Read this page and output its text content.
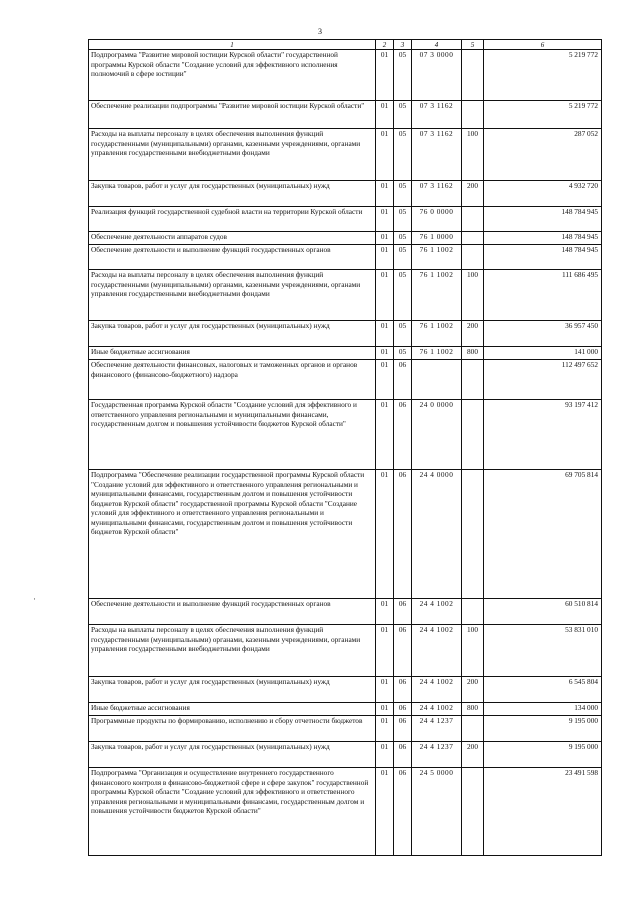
3
1	2	3	4	5	6
Подпрограмма "Развитие мировой юстиции Курской области" государственной программы Курской области "Создание условий для эффективного исполнения полномочий в сфере юстиции"	01	05	07 3 0000		5 219 772
Обеспечение реализации подпрограммы "Развитие мировой юстиции Курской области"	01	05	07 3 1162		5 219 772
Расходы на выплаты персоналу в целях обеспечения выполнения функций государственными (муниципальными) органами, казенными учреждениями, органами управления государственными внебюджетными фондами	01	05	07 3 1162	100	287 052
Закупка товаров, работ и услуг для государственных (муниципальных) нужд	01	05	07 3 1162	200	4 932 720
Реализация функций государственной судебной власти на территории Курской области	01	05	76 0 0000		148 784 945
Обеспечение деятельности аппаратов судов	01	05	76 1 0000		148 784 945
Обеспечение деятельности и выполнение функций государственных органов	01	05	76 1 1002		148 784 945
Расходы на выплаты персоналу в целях обеспечения выполнения функций государственными (муниципальными) органами, казенными учреждениями, органами управления государственными внебюджетными фондами	01	05	76 1 1002	100	111 686 495
Закупка товаров, работ и услуг для государственных (муниципальных) нужд	01	05	76 1 1002	200	36 957 450
Иные бюджетные ассигнования	01	05	76 1 1002	800	141 000
Обеспечение деятельности финансовых, налоговых и таможенных органов и органов финансового (финансово-бюджетного) надзора	01	06			112 497 652
Государственная программа Курской области "Создание условий для эффективного и ответственного управления региональными и муниципальными финансами, государственным долгом и повышения устойчивости бюджетов Курской области"	01	06	24 0 0000		93 197 412
Подпрограмма "Обеспечение реализации государственной программы Курской области "Создание условий для эффективного и ответственного управления региональными и муниципальными финансами, государственным долгом и повышения устойчивости бюджетов Курской области" государственной программы Курской области "Создание условий для эффективного и ответственного управления региональными и муниципальными финансами, государственным долгом и повышения устойчивости бюджетов Курской области"	01	06	24 4 0000		69 705 814
Обеспечение деятельности и выполнение функций государственных органов	01	06	24 4 1002		60 510 814
Расходы на выплаты персоналу в целях обеспечения выполнения функций государственными (муниципальными) органами, казенными учреждениями, органами управления государственными внебюджетными фондами	01	06	24 4 1002	100	53 831 010
Закупка товаров, работ и услуг для государственных (муниципальных) нужд	01	06	24 4 1002	200	6 545 804
Иные бюджетные ассигнования	01	06	24 4 1002	800	134 000
Программные продукты по формированию, исполнению и сбору отчетности бюджетов	01	06	24 4 1237		9 195 000
Закупка товаров, работ и услуг для государственных (муниципальных) нужд	01	06	24 4 1237	200	9 195 000
Подпрограмма "Организация и осуществление внутреннего государственного финансового контроля в финансово-бюджетной сфере и сфере закупок" государственной программы Курской области "Создание условий для эффективного и ответственного управления региональными и муниципальными финансами, государственным долгом и повышения устойчивости бюджетов Курской области"	01	06	24 5 0000		23 491 598
·
